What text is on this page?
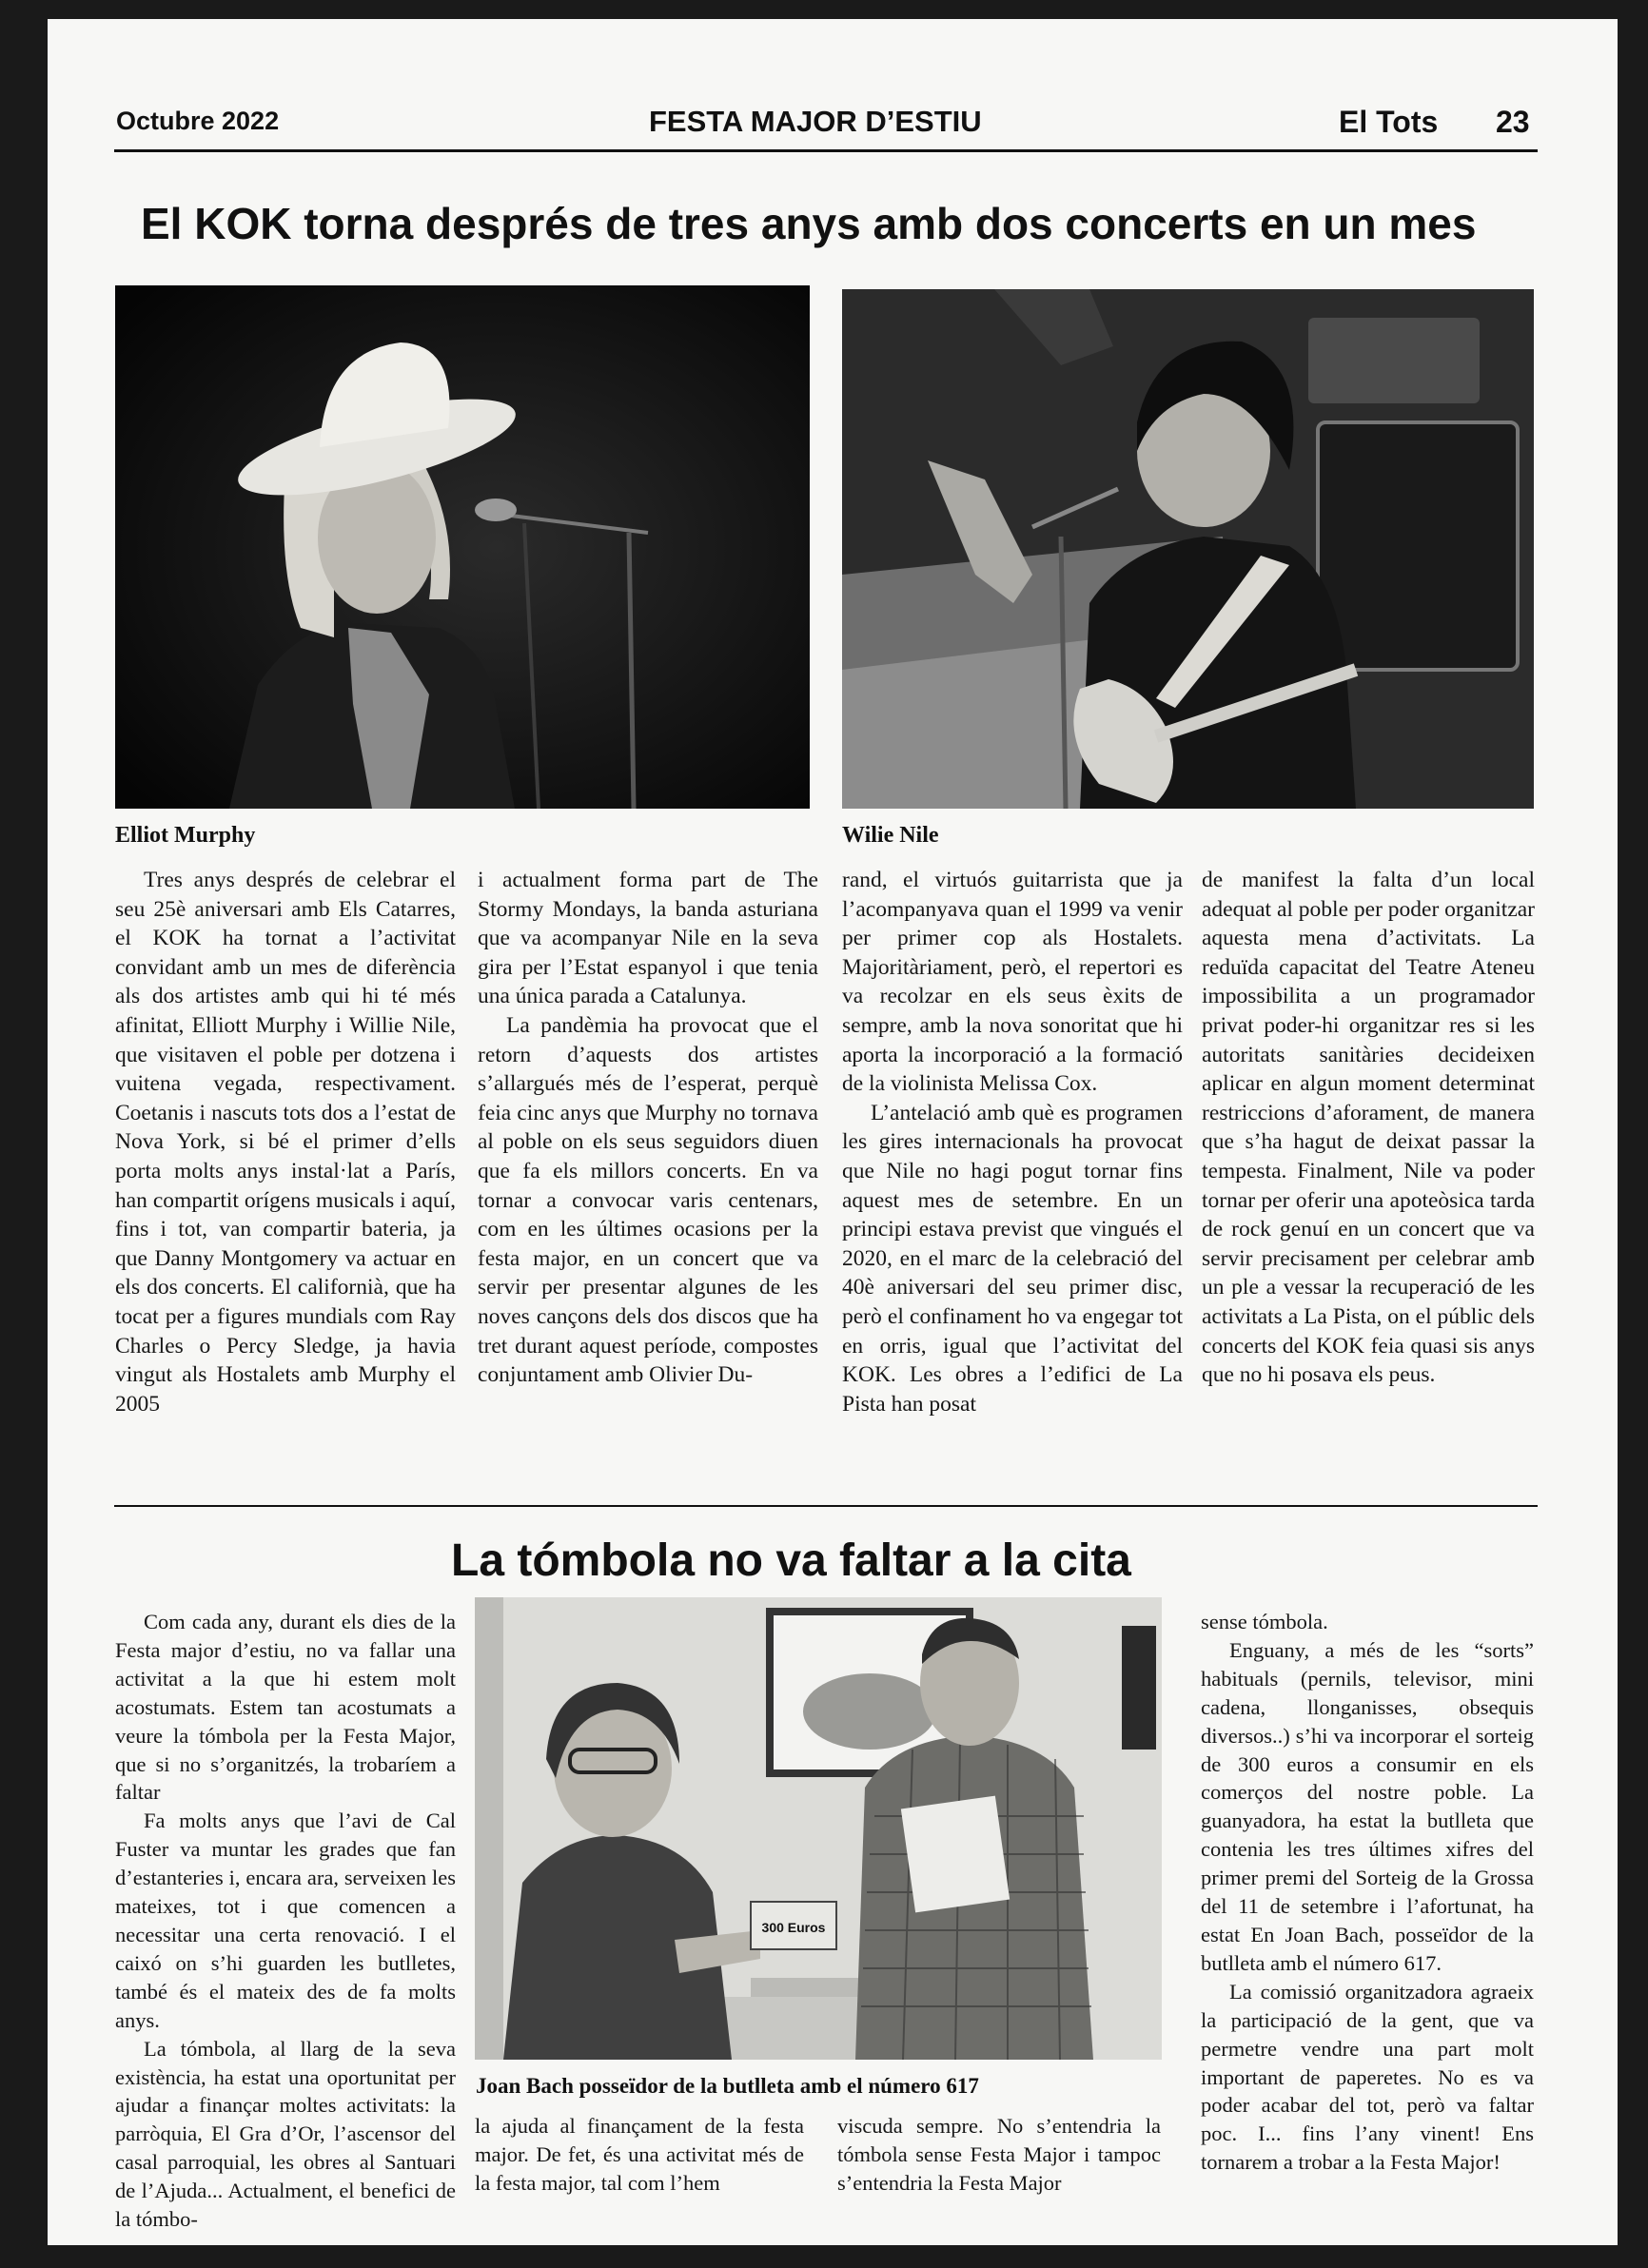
Octubre 2022	FESTA MAJOR D’ESTIU	El Tots 23
El KOK torna després de tres anys amb dos concerts en un mes
Elliot Murphy	Wilie Nile

Tres anys després de celebrar el seu 25è aniversari amb Els Catarres, el KOK ha tornat a l’activitat convidant amb un mes de diferència als dos artistes amb qui hi té més afinitat, Elliott Murphy i Willie Nile, que visitaven el poble per dotzena i vuitena vegada, respectivament. Coetanis i nascuts tots dos a l’estat de Nova York, si bé el primer d’ells porta molts anys instal·lat a París, han compartit orígens musicals i aquí, fins i tot, van compartir bateria, ja que Danny Montgomery va actuar en els dos concerts. El californià, que ha tocat per a figures mundials com Ray Charles o Percy Sledge, ja havia vingut als Hostalets amb Murphy el 2005

i actualment forma part de The Stormy Mondays, la banda asturiana que va acompanyar Nile en la seva gira per l’Estat espanyol i que tenia una única parada a Catalunya.

La pandèmia ha provocat que el retorn d’aquests dos artistes s’allargués més de l’esperat, perquè feia cinc anys que Murphy no tornava al poble on els seus seguidors diuen que fa els millors concerts. En va tornar a convocar varis centenars, com en les últimes ocasions per la festa major, en un concert que va servir per presentar algunes de les noves cançons dels dos discos que ha tret durant aquest període, compostes conjuntament amb Olivier Du-

rand, el virtuós guitarrista que ja l’acompanyava quan el 1999 va venir per primer cop als Hostalets. Majoritàriament, però, el repertori es va recolzar en els seus èxits de sempre, amb la nova sonoritat que hi aporta la incorporació a la formació de la violinista Melissa Cox.

L’antelació amb què es programen les gires internacionals ha provocat que Nile no hagi pogut tornar fins aquest mes de setembre. En un principi estava previst que vingués el 2020, en el marc de la celebració del 40è aniversari del seu primer disc, però el confinament ho va engegar tot en orris, igual que l’activitat del KOK. Les obres a l’edifici de La Pista han posat

de manifest la falta d’un local adequat al poble per poder organitzar aquesta mena d’activitats. La reduïda capacitat del Teatre Ateneu impossibilita a un programador privat poder-hi organitzar res si les autoritats sanitàries decideixen aplicar en algun moment determinat restriccions d’aforament, de manera que s’ha hagut de deixat passar la tempesta. Finalment, Nile va poder tornar per oferir una apoteòsica tarda de rock genuí en un concert que va servir precisament per celebrar amb un ple a vessar la recuperació de les activitats a La Pista, on el públic dels concerts del KOK feia quasi sis anys que no hi posava els peus.

La tómbola no va faltar a la cita
300 Euros
Joan Bach posseïdor de la butlleta amb el número 617

Com cada any, durant els dies de la Festa major d’estiu, no va fallar una activitat a la que hi estem molt acostumats. Estem tan acostumats a veure la tómbola per la Festa Major, que si no s’organitzés, la trobaríem a faltar

Fa molts anys que l’avi de Cal Fuster va muntar les grades que fan d’estanteries i, encara ara, serveixen les mateixes, tot i que comencen a necessitar una certa renovació. I el caixó on s’hi guarden les butlletes, també és el mateix des de fa molts anys.

La tómbola, al llarg de la seva existència, ha estat una oportunitat per ajudar a finançar moltes activitats: la parròquia, El Gra d’Or, l’ascensor del casal parroquial, les obres al Santuari de l’Ajuda... Actualment, el benefici de la tómbo-

la ajuda al finançament de la festa major. De fet, és una activitat més de la festa major, tal com l’hem

viscuda sempre. No s’entendria la tómbola sense Festa Major i tampoc s’entendria la Festa Major

sense tómbola.

Enguany, a més de les “sorts” habituals (pernils, televisor, mini cadena, llonganisses, obsequis diversos..) s’hi va incorporar el sorteig de 300 euros a consumir en els comerços del nostre poble. La guanyadora, ha estat la butlleta que contenia les tres últimes xifres del primer premi del Sorteig de la Grossa del 11 de setembre i l’afortunat, ha estat En Joan Bach, posseïdor de la butlleta amb el número 617.

La comissió organitzadora agraeix la participació de la gent, que va permetre vendre una part molt important de paperetes. No es va poder acabar del tot, però va faltar poc. I... fins l’any vinent! Ens tornarem a trobar a la Festa Major!
